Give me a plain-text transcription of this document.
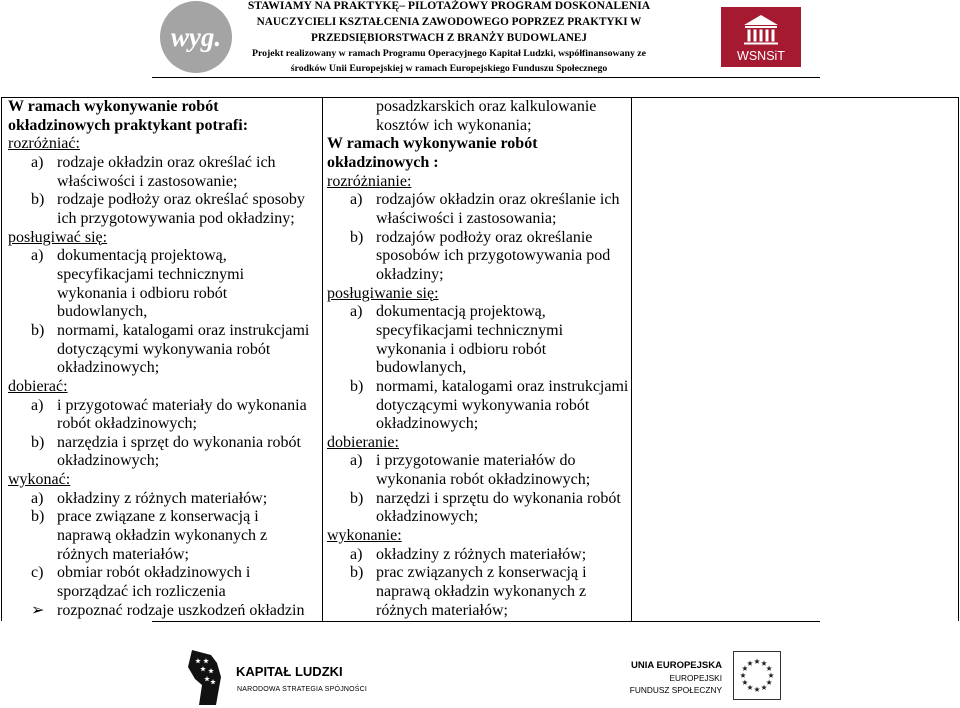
wyg.
STAWIAMY NA PRAKTYKĘ– PILOTAŻOWY PROGRAM DOSKONALENIA
NAUCZYCIELI KSZTAŁCENIA ZAWODOWEGO POPRZEZ PRAKTYKI W
PRZEDSIĘBIORSTWACH Z BRANŻY BUDOWLANEJ
Projekt realizowany w ramach Programu Operacyjnego Kapitał Ludzki, współfinansowany ze
środków Unii Europejskiej w ramach Europejskiego Funduszu Społecznego
WSNSiT
W ramach wykonywanie robót
okładzinowych praktykant potrafi:
rozróżniać:
a) rodzaje okładzin oraz określać ich
właściwości i zastosowanie;
b) rodzaje podłoży oraz określać sposoby
ich przygotowywania pod okładziny;
posługiwać się:
a) dokumentacją projektową,
specyfikacjami technicznymi
wykonania i odbioru robót
budowlanych,
b) normami, katalogami oraz instrukcjami
dotyczącymi wykonywania robót
okładzinowych;
dobierać:
a) i przygotować materiały do wykonania
robót okładzinowych;
b) narzędzia i sprzęt do wykonania robót
okładzinowych;
wykonać:
a) okładziny z różnych materiałów;
b) prace związane z konserwacją i
naprawą okładzin wykonanych z
różnych materiałów;
c) obmiar robót okładzinowych i
sporządzać ich rozliczenia
➢ rozpoznać rodzaje uszkodzeń okładzin
posadzkarskich oraz kalkulowanie
kosztów ich wykonania;
W ramach wykonywanie robót
okładzinowych :
rozróżnianie:
a) rodzajów okładzin oraz określanie ich
właściwości i zastosowania;
b) rodzajów podłoży oraz określanie
sposobów ich przygotowywania pod
okładziny;
posługiwanie się:
a) dokumentacją projektową,
specyfikacjami technicznymi
wykonania i odbioru robót
budowlanych,
b) normami, katalogami oraz instrukcjami
dotyczącymi wykonywania robót
okładzinowych;
dobieranie:
a) i przygotowanie materiałów do
wykonania robót okładzinowych;
b) narzędzi i sprzętu do wykonania robót
okładzinowych;
wykonanie:
a) okładziny z różnych materiałów;
b) prac związanych z konserwacją i
naprawą okładzin wykonanych z
różnych materiałów;
KAPITAŁ LUDZKI
NARODOWA STRATEGIA SPÓJNOŚCI
UNIA EUROPEJSKA
EUROPEJSKI
FUNDUSZ SPOŁECZNY
